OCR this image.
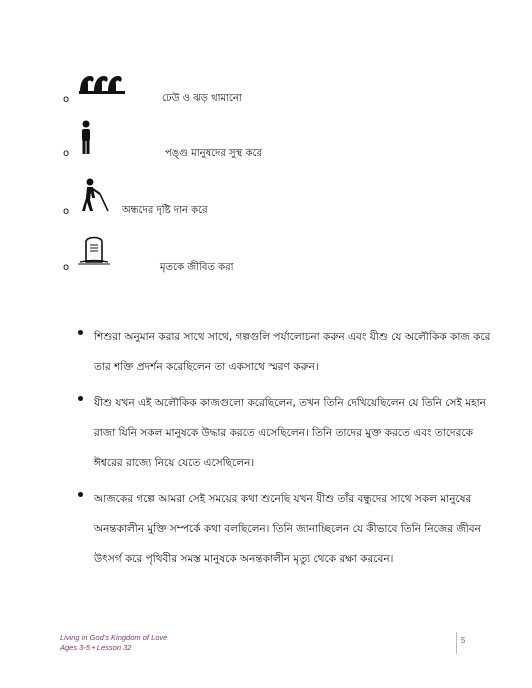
o	ঢেউ ও ঝড় থামানো
o	পঙ্গু মানুষদের সুস্থ করে
o	অন্ধদের দৃষ্টি দান করে
o	মৃতকে জীবিত করা
শিশুরা অনুমান করার সাথে সাথে, গল্পগুলি পর্যালোচনা করুন এবং যীশু যে অলৌকিক কাজ করে
তার শক্তি প্রদর্শন করেছিলেন তা একসাথে স্মরণ করুন।
যীশু যখন এই অলৌকিক কাজগুলো করেছিলেন, তখন তিনি দেখিয়েছিলেন যে তিনি সেই মহান
রাজা যিনি সকল মানুষকে উদ্ধার করতে এসেছিলেন। তিনি তাদের মুক্ত করতে এবং তাদেরকে
ঈশ্বরের রাজ্যে নিয়ে যেতে এসেছিলেন।
আজকের গল্পে আমরা সেই সময়ের কথা শুনেছি যখন যীশু তাঁর বন্ধুদের সাথে সকল মানুষের
অনন্তকালীন মুক্তি সম্পর্কে কথা বলছিলেন। তিনি জানাচ্ছিলেন যে কীভাবে তিনি নিজের জীবন
উৎসর্গ করে পৃথিবীর সমস্ত মানুষকে অনন্তকালীন মৃত্যু থেকে রক্ষা করবেন।
Living in God's Kingdom of Love
Ages 3-5 • Lesson 32
5
